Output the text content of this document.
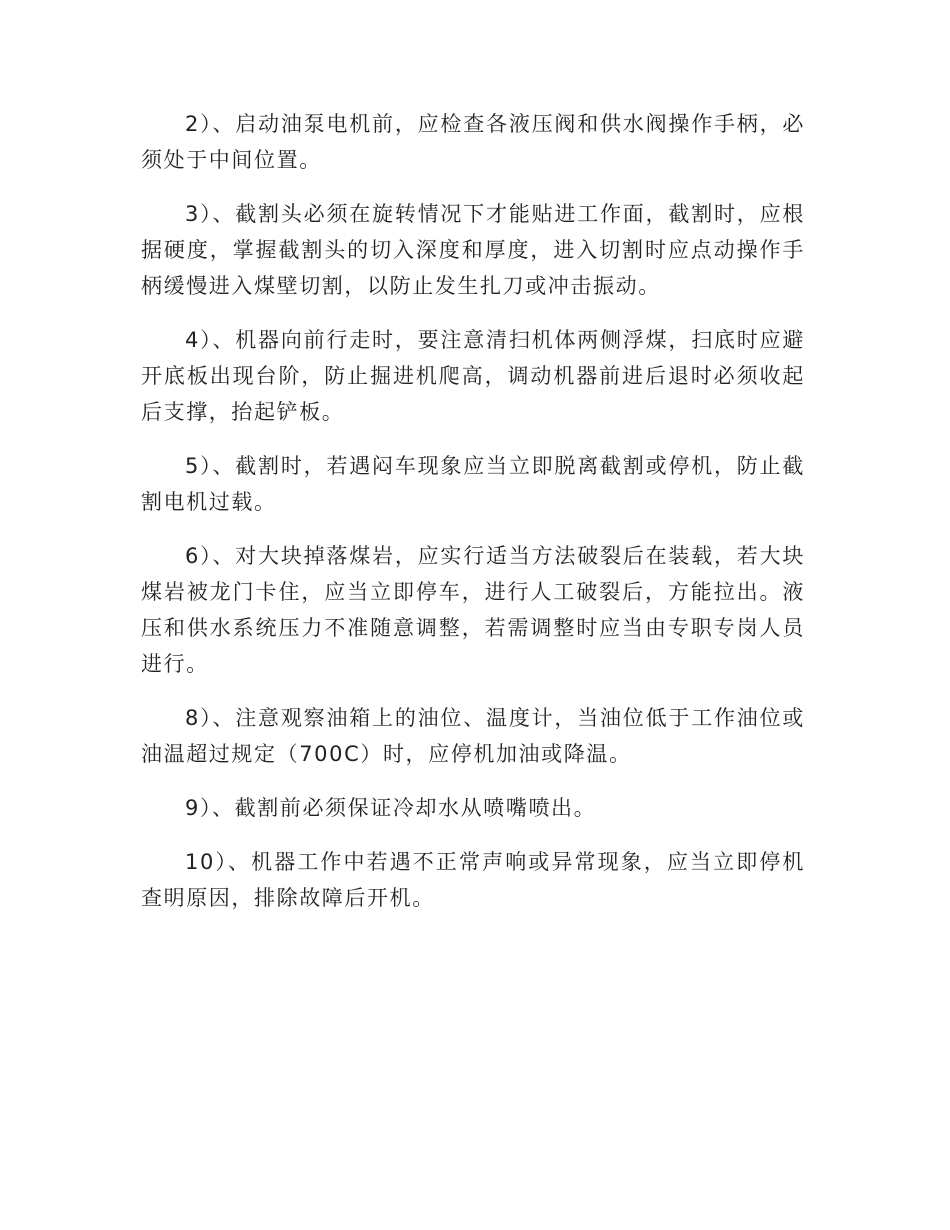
2）、启动油泵电机前，应检查各液压阀和供水阀操作手柄，必须处于中间位置。

3）、截割头必须在旋转情况下才能贴进工作面，截割时，应根据硬度，掌握截割头的切入深度和厚度，进入切割时应点动操作手柄缓慢进入煤壁切割，以防止发生扎刀或冲击振动。

4）、机器向前行走时，要注意清扫机体两侧浮煤，扫底时应避开底板出现台阶，防止掘进机爬高，调动机器前进后退时必须收起后支撑，抬起铲板。

5）、截割时，若遇闷车现象应当立即脱离截割或停机，防止截割电机过载。

6）、对大块掉落煤岩，应实行适当方法破裂后在装载，若大块煤岩被龙门卡住，应当立即停车，进行人工破裂后，方能拉出。液压和供水系统压力不准随意调整，若需调整时应当由专职专岗人员进行。

8）、注意观察油箱上的油位、温度计，当油位低于工作油位或油温超过规定（700C）时，应停机加油或降温。

9）、截割前必须保证冷却水从喷嘴喷出。

10）、机器工作中若遇不正常声响或异常现象，应当立即停机查明原因，排除故障后开机。
